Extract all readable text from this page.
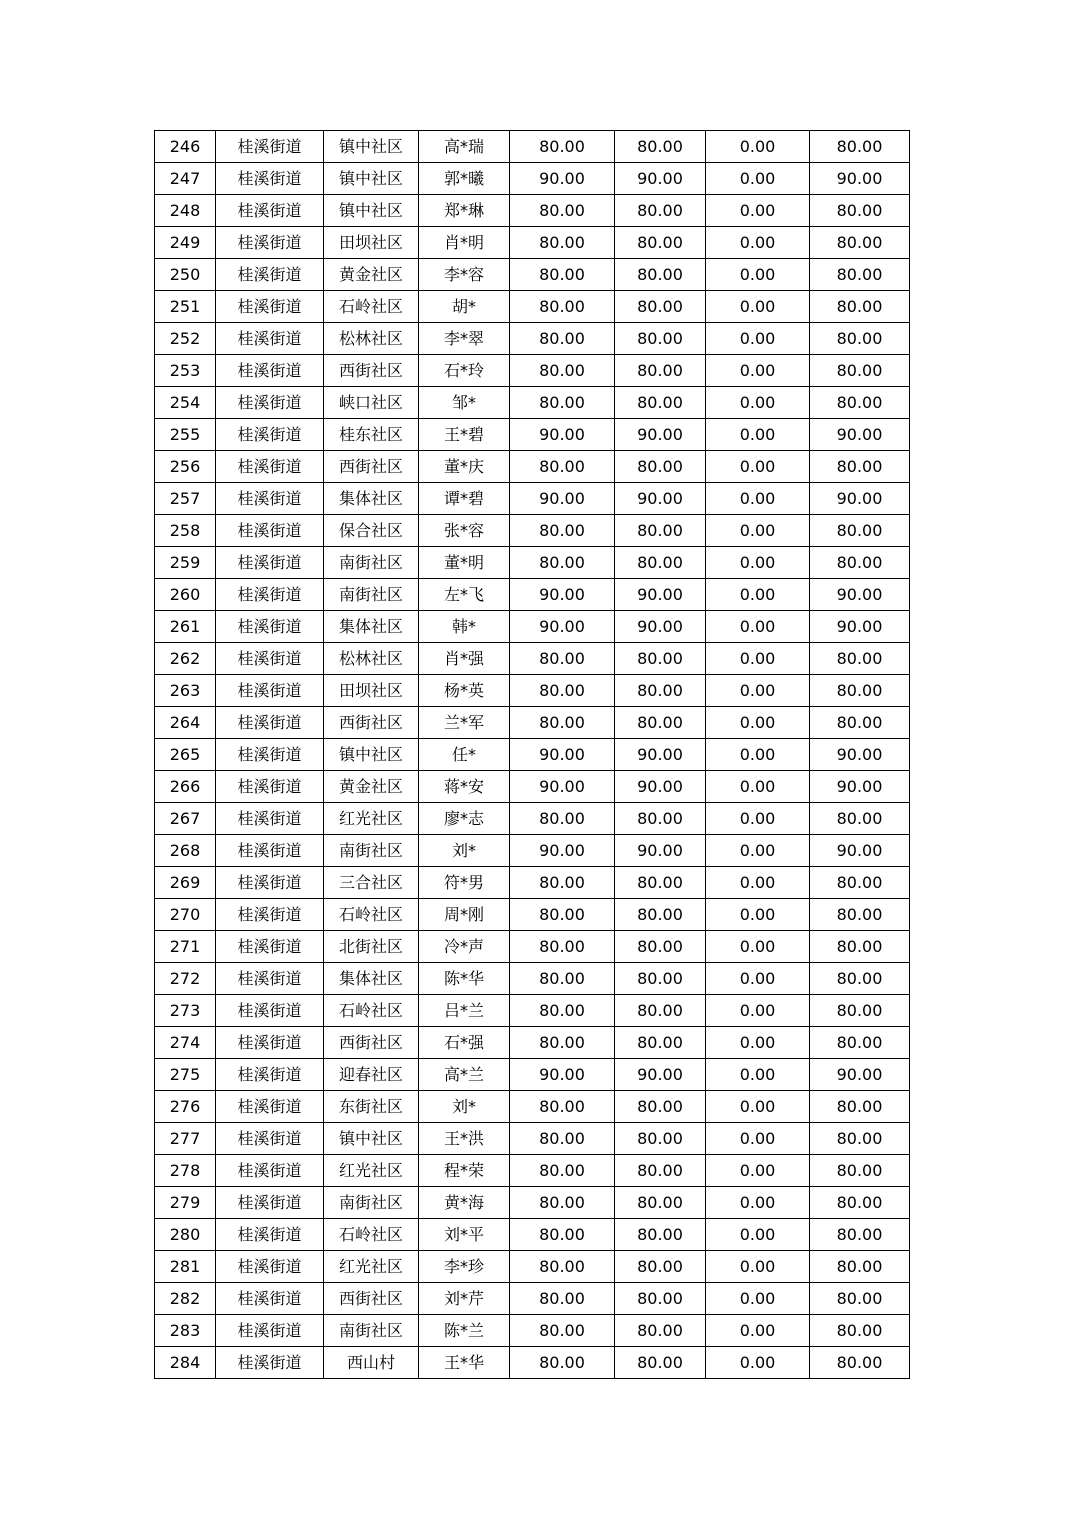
246	桂溪街道	镇中社区	高*瑞	80.00	80.00	0.00	80.00
247	桂溪街道	镇中社区	郭*曦	90.00	90.00	0.00	90.00
248	桂溪街道	镇中社区	郑*琳	80.00	80.00	0.00	80.00
249	桂溪街道	田坝社区	肖*明	80.00	80.00	0.00	80.00
250	桂溪街道	黄金社区	李*容	80.00	80.00	0.00	80.00
251	桂溪街道	石岭社区	胡*	80.00	80.00	0.00	80.00
252	桂溪街道	松林社区	李*翠	80.00	80.00	0.00	80.00
253	桂溪街道	西街社区	石*玲	80.00	80.00	0.00	80.00
254	桂溪街道	峡口社区	邹*	80.00	80.00	0.00	80.00
255	桂溪街道	桂东社区	王*碧	90.00	90.00	0.00	90.00
256	桂溪街道	西街社区	董*庆	80.00	80.00	0.00	80.00
257	桂溪街道	集体社区	谭*碧	90.00	90.00	0.00	90.00
258	桂溪街道	保合社区	张*容	80.00	80.00	0.00	80.00
259	桂溪街道	南街社区	董*明	80.00	80.00	0.00	80.00
260	桂溪街道	南街社区	左*飞	90.00	90.00	0.00	90.00
261	桂溪街道	集体社区	韩*	90.00	90.00	0.00	90.00
262	桂溪街道	松林社区	肖*强	80.00	80.00	0.00	80.00
263	桂溪街道	田坝社区	杨*英	80.00	80.00	0.00	80.00
264	桂溪街道	西街社区	兰*军	80.00	80.00	0.00	80.00
265	桂溪街道	镇中社区	任*	90.00	90.00	0.00	90.00
266	桂溪街道	黄金社区	蒋*安	90.00	90.00	0.00	90.00
267	桂溪街道	红光社区	廖*志	80.00	80.00	0.00	80.00
268	桂溪街道	南街社区	刘*	90.00	90.00	0.00	90.00
269	桂溪街道	三合社区	符*男	80.00	80.00	0.00	80.00
270	桂溪街道	石岭社区	周*刚	80.00	80.00	0.00	80.00
271	桂溪街道	北街社区	冷*声	80.00	80.00	0.00	80.00
272	桂溪街道	集体社区	陈*华	80.00	80.00	0.00	80.00
273	桂溪街道	石岭社区	吕*兰	80.00	80.00	0.00	80.00
274	桂溪街道	西街社区	石*强	80.00	80.00	0.00	80.00
275	桂溪街道	迎春社区	高*兰	90.00	90.00	0.00	90.00
276	桂溪街道	东街社区	刘*	80.00	80.00	0.00	80.00
277	桂溪街道	镇中社区	王*洪	80.00	80.00	0.00	80.00
278	桂溪街道	红光社区	程*荣	80.00	80.00	0.00	80.00
279	桂溪街道	南街社区	黄*海	80.00	80.00	0.00	80.00
280	桂溪街道	石岭社区	刘*平	80.00	80.00	0.00	80.00
281	桂溪街道	红光社区	李*珍	80.00	80.00	0.00	80.00
282	桂溪街道	西街社区	刘*芹	80.00	80.00	0.00	80.00
283	桂溪街道	南街社区	陈*兰	80.00	80.00	0.00	80.00
284	桂溪街道	西山村	王*华	80.00	80.00	0.00	80.00
